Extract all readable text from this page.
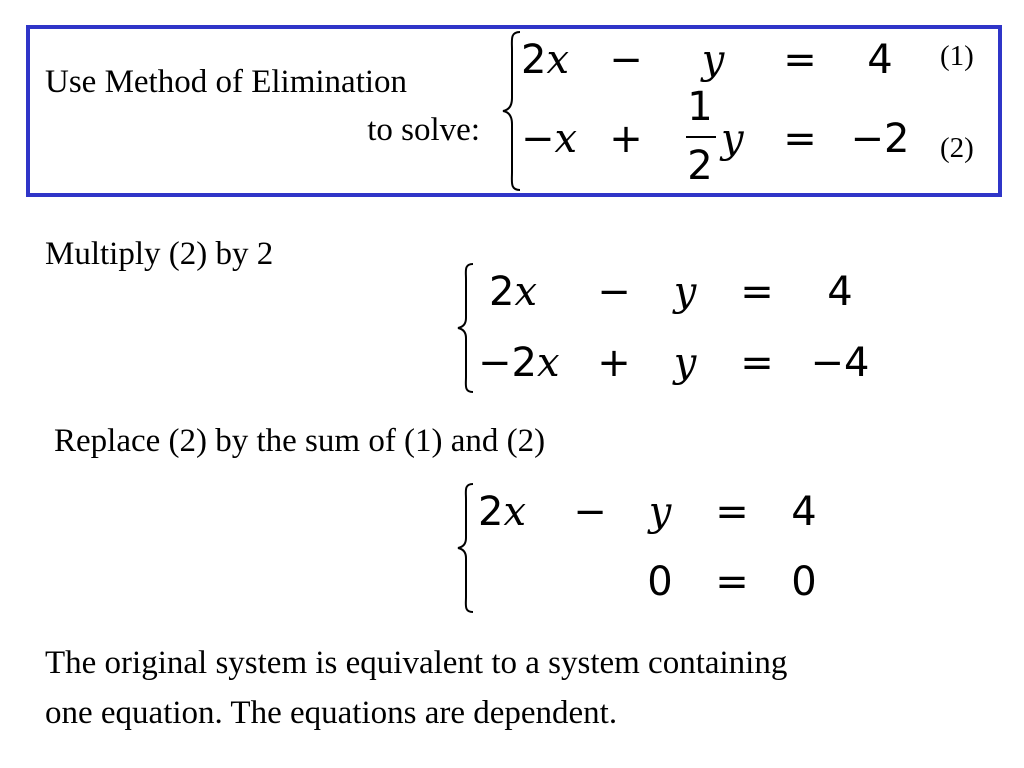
Use Method of Elimination
to solve:
2x − y = 4 (1)
−x +
1
2
y = −2 (2)
Multiply (2) by 2
2x − y = 4
−2x + y = −4
Replace (2) by the sum of (1) and (2)
2x − y = 4
0 = 0
The original system is equivalent to a system containing
one equation. The equations are dependent.
